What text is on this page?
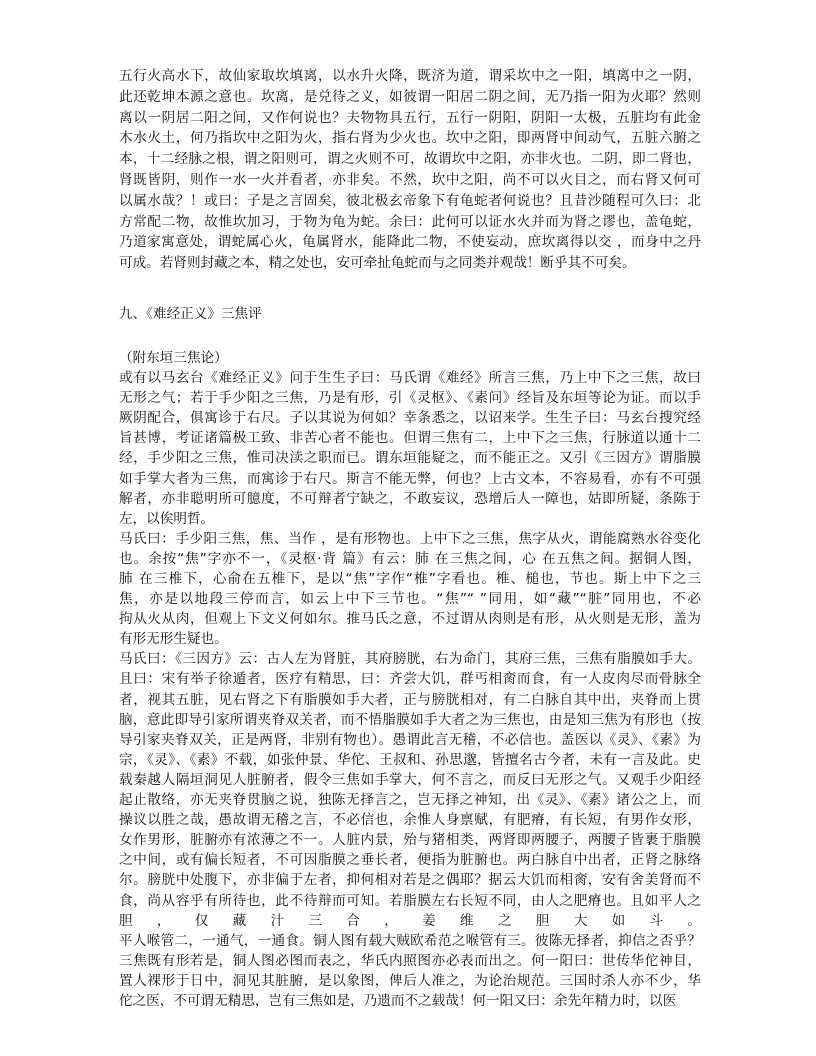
五行火高水下，故仙家取坎填离，以水升火降，既济为道，谓采坎中之一阳，填离中之一阴，
此还乾坤本源之意也。坎离，是兑待之义，如彼谓一阳居二阴之间，无乃指一阳为火耶？然则
离以一阴居二阳之间，又作何说也？夫物物具五行，五行一阴阳，阴阳一太极，五脏均有此金
木水火土，何乃指坎中之阳为火，指右肾为少火也。坎中之阳，即两肾中间动气，五脏六腑之
本，十二经脉之根，谓之阳则可，谓之火则不可，故谓坎中之阳，亦非火也。二阴，即二肾也，
肾既皆阴，则作一水一火并看者，亦非矣。不然，坎中之阳，尚不可以火目之，而右肾又何可
以属水哉？！或曰：子是之言固矣，彼北极玄帝象下有龟蛇者何说也？且昔沙随程可久曰：北
方常配二物，故惟坎加习，于物为龟为蛇。余曰：此何可以证水火并而为肾之谬也，盖龟蛇，
乃道家寓意处，谓蛇属心火，龟属肾水，能降此二物，不使妄动，庶坎离得以交 ，而身中之丹
可成。若肾则封藏之本，精之处也，安可牵扯龟蛇而与之同类并观哉！断乎其不可矣。
九、《难经正义》三焦评
（附东垣三焦论）
或有以马玄台《难经正义》问于生生子曰：马氏谓《难经》所言三焦，乃上中下之三焦，故曰
无形之气；若于手少阳之三焦，乃是有形，引《灵枢》、《素问》经旨及东垣等论为证。而以手
厥阴配合，俱寓诊于右尺。子以其说为何如？幸条悉之，以诏来学。生生子曰：马玄台搜究经
旨甚博，考证诸篇极工致、非苦心者不能也。但谓三焦有二，上中下之三焦，行脉道以通十二
经，手少阳之三焦，惟司决渎之职而已。谓东垣能疑之，而不能正之。又引《三因方》谓脂膜
如手掌大者为三焦，而寓诊于右尺。斯言不能无弊，何也？上古文本，不容易看，亦有不可强
解者，亦非聪明所可臆度，不可辩者宁缺之，不敢妄议，恐增后人一障也，姑即所疑，条陈于
左，以俟明哲。
马氏曰：手少阳三焦，焦、当作 ，是有形物也。上中下之三焦，焦字从火，谓能腐熟水谷变化
也。余按“焦”字亦不一，《灵枢·背 篇》有云：肺 在三焦之间，心 在五焦之间。据铜人图，
肺 在三椎下，心俞在五椎下，是以“焦”字作“椎”字看也。椎、槌也，节也。斯上中下之三
焦，亦是以地段三停而言，如云上中下三节也。“焦”“ ”同用，如“藏”“脏”同用也，不必
拘从火从肉，但观上下文义何如尔。推马氏之意，不过谓从肉则是有形，从火则是无形，盖为
有形无形生疑也。
马氏曰：《三因方》云：古人左为肾脏，其府膀胱，右为命门，其府三焦，三焦有脂膜如手大。
且曰：宋有举子徐遁者，医疗有精思，曰：齐尝大饥，群丐相脔而食，有一人皮肉尽而骨脉全
者，视其五脏，见右肾之下有脂膜如手大者，正与膀胱相对，有二白脉自其中出，夹脊而上贯
脑，意此即导引家所谓夹脊双关者，而不悟脂膜如手大者之为三焦也，由是知三焦为有形也（按
导引家夹脊双关，正是两肾，非别有物也）。愚谓此言无稽，不必信也。盖医以《灵》、《素》为
宗，《灵》、《素》不载，如张仲景、华佗、王叔和、孙思邈，皆擅名古今者，未有一言及此。史
载秦越人隔垣洞见人脏腑者，假令三焦如手掌大，何不言之，而反曰无形之气。又观手少阳经
起止散络，亦无夹脊贯脑之说，独陈无择言之，岂无择之神知，出《灵》、《素》诸公之上，而
操议以胜之哉，愚故谓无稽之言，不必信也，余惟人身禀赋，有肥瘠，有长短，有男作女形，
女作男形，脏腑亦有浓薄之不一。人脏内景，殆与猪相类，两肾即两腰子，两腰子皆裹于脂膜
之中间，或有偏长短者，不可因脂膜之垂长者，便指为脏腑也。两白脉自中出者，正肾之脉络
尔。膀胱中处腹下，亦非偏于左者，抑何相对若是之偶耶？据云大饥而相脔，安有舍美肾而不
食，尚从容乎有所待也，此不待辩而可知。若脂膜左右长短不同，由人之肥瘠也。且如平人之
胆，仅藏汁三合，姜维之胆大如斗。
平人喉管二，一通气，一通食。铜人图有载大贼欧希范之喉管有三。彼陈无择者，抑信之否乎？
三焦既有形若是，铜人图必图而表之，华氏内照图亦必表而出之。何一阳曰：世传华佗神目，
置人裸形于日中，洞见其脏腑，是以象图，俾后人准之，为论治规范。三国时杀人亦不少，华
佗之医，不可谓无精思，岂有三焦如是，乃遗而不之载哉！何一阳又曰：余先年精力时，以医
